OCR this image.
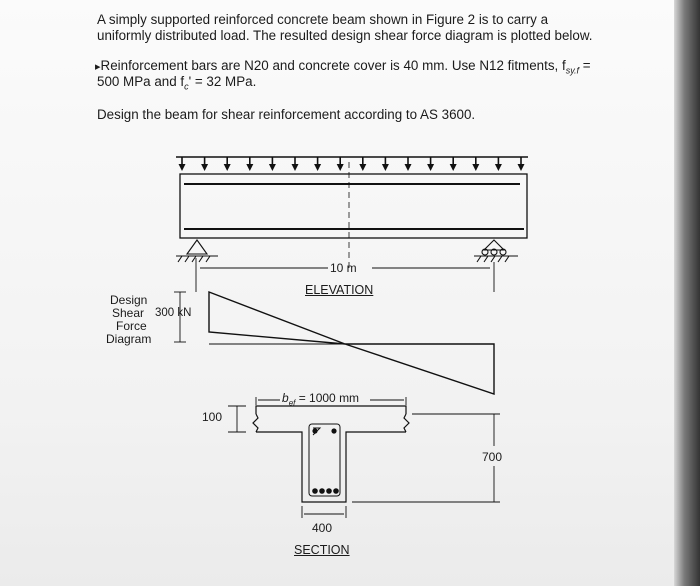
A simply supported reinforced concrete beam shown in Figure 2 is to carry a
uniformly distributed load. The resulted design shear force diagram is plotted below.
▸Reinforcement bars are N20 and concrete cover is 40 mm. Use N12 fitments, $f_{sy.f}$ =
500 MPa and $f_c' = 32$ MPa.
Design the beam for shear reinforcement according to AS 3600.
10 m
ELEVATION
Design
Shear
Force
Diagram
300 kN
$b_{ef} = 1000$ mm
100
700
400
SECTION
